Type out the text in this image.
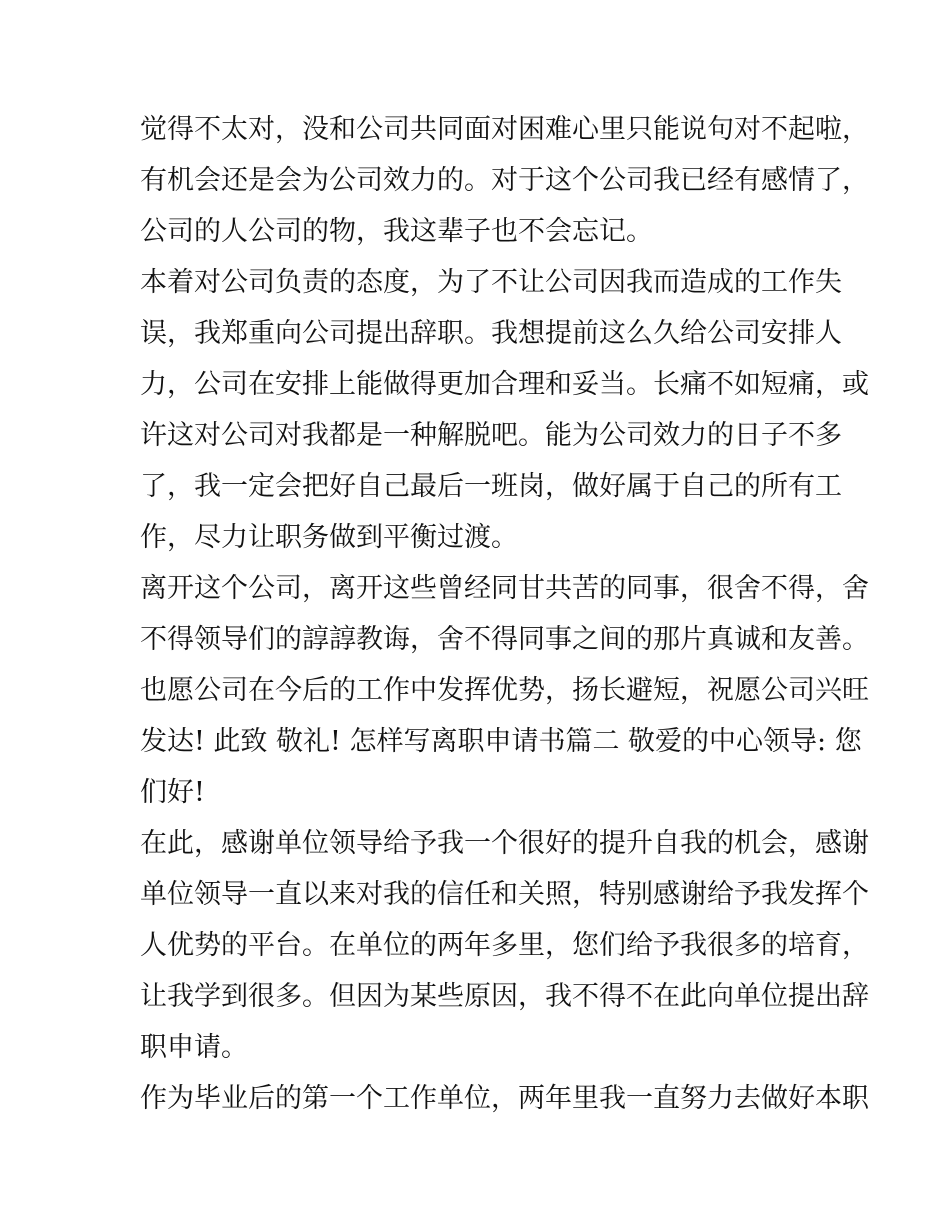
觉得不太对，没和公司共同面对困难心里只能说句对不起啦，
有机会还是会为公司效力的。对于这个公司我已经有感情了，
公司的人公司的物，我这辈子也不会忘记。

本着对公司负责的态度，为了不让公司因我而造成的工作失
误，我郑重向公司提出辞职。我想提前这么久给公司安排人
力，公司在安排上能做得更加合理和妥当。长痛不如短痛，或
许这对公司对我都是一种解脱吧。能为公司效力的日子不多
了，我一定会把好自己最后一班岗，做好属于自己的所有工
作，尽力让职务做到平衡过渡。

离开这个公司，离开这些曾经同甘共苦的同事，很舍不得，舍
不得领导们的諄諄教诲，舍不得同事之间的那片真诚和友善。
也愿公司在今后的工作中发挥优势，扬长避短，祝愿公司兴旺
发达! 此致 敬礼! 怎样写离职申请书篇二 敬爱的中心领导: 您
们好!

在此，感谢单位领导给予我一个很好的提升自我的机会，感谢
单位领导一直以来对我的信任和关照，特别感谢给予我发挥个
人优势的平台。在单位的两年多里，您们给予我很多的培育，
让我学到很多。但因为某些原因，我不得不在此向单位提出辞
职申请。

作为毕业后的第一个工作单位，两年里我一直努力去做好本职
